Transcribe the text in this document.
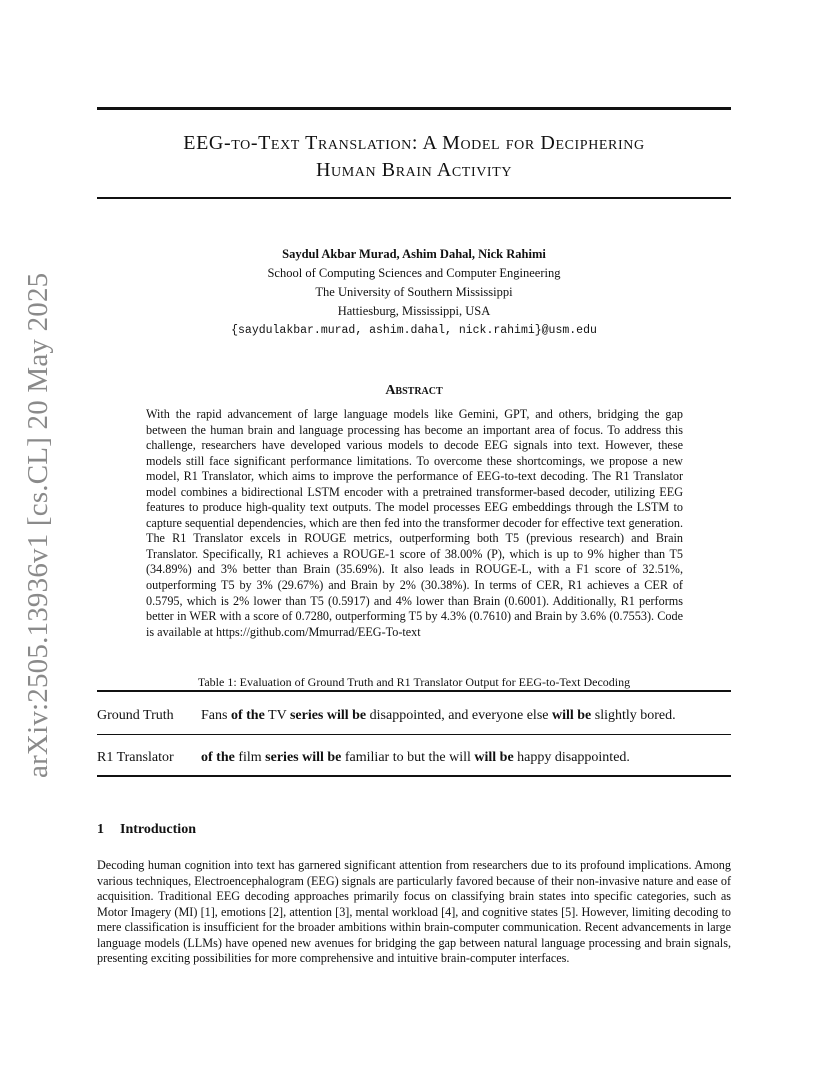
arXiv:2505.13936v1 [cs.CL] 20 May 2025
EEG-to-Text Translation: A Model for Deciphering
Human Brain Activity
Saydul Akbar Murad, Ashim Dahal, Nick Rahimi
School of Computing Sciences and Computer Engineering
The University of Southern Mississippi
Hattiesburg, Mississippi, USA
{saydulakbar.murad, ashim.dahal, nick.rahimi}@usm.edu
Abstract
With the rapid advancement of large language models like Gemini, GPT, and others, bridging the gap between the human brain and language processing has become an important area of focus. To address this challenge, researchers have developed various models to decode EEG signals into text. However, these models still face significant performance limitations. To overcome these shortcomings, we propose a new model, R1 Translator, which aims to improve the performance of EEG-to-text decoding. The R1 Translator model combines a bidirectional LSTM encoder with a pretrained transformer-based decoder, utilizing EEG features to produce high-quality text outputs. The model processes EEG embeddings through the LSTM to capture sequential dependencies, which are then fed into the transformer decoder for effective text generation. The R1 Translator excels in ROUGE metrics, outperforming both T5 (previous research) and Brain Translator. Specifically, R1 achieves a ROUGE-1 score of 38.00% (P), which is up to 9% higher than T5 (34.89%) and 3% better than Brain (35.69%). It also leads in ROUGE-L, with a F1 score of 32.51%, outperforming T5 by 3% (29.67%) and Brain by 2% (30.38%). In terms of CER, R1 achieves a CER of 0.5795, which is 2% lower than T5 (0.5917) and 4% lower than Brain (0.6001). Additionally, R1 performs better in WER with a score of 0.7280, outperforming T5 by 4.3% (0.7610) and Brain by 3.6% (0.7553). Code is available at https://github.com/Mmurrad/EEG-To-text
Table 1: Evaluation of Ground Truth and R1 Translator Output for EEG-to-Text Decoding
Ground Truth Fans of the TV series will be disappointed, and everyone else will be slightly bored.
R1 Translator of the film series will be familiar to but the will will be happy disappointed.
1 Introduction
Decoding human cognition into text has garnered significant attention from researchers due to its profound implications. Among various techniques, Electroencephalogram (EEG) signals are particularly favored because of their non-invasive nature and ease of acquisition. Traditional EEG decoding approaches primarily focus on classifying brain states into specific categories, such as Motor Imagery (MI) [1], emotions [2], attention [3], mental workload [4], and cognitive states [5]. However, limiting decoding to mere classification is insufficient for the broader ambitions within brain-computer communication. Recent advancements in large language models (LLMs) have opened new avenues for bridging the gap between natural language processing and brain signals, presenting exciting possibilities for more comprehensive and intuitive brain-computer interfaces.
